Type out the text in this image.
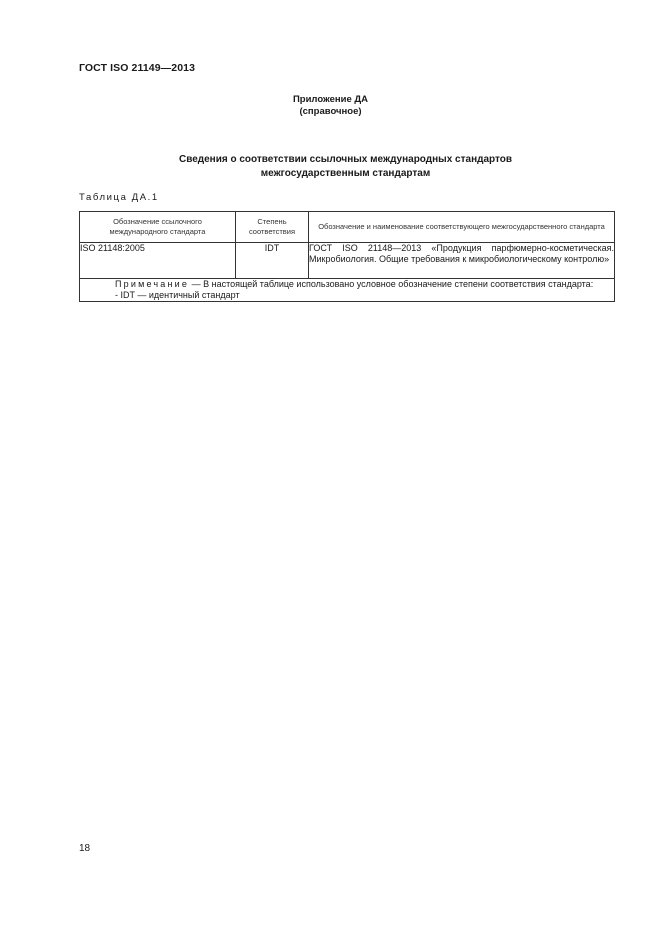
ГОСТ ISO 21149—2013
Приложение ДА
(справочное)
Сведения о соответствии ссылочных международных стандартов
межгосударственным стандартам
Таблица ДА.1
Обозначение ссылочного международного стандарта	Степень соответствия	Обозначение и наименование соответствующего межгосударственного стандарта
ISO 21148:2005	IDT	ГОСТ ISO 21148—2013 «Продукция парфюмерно-косметическая. Микробиология. Общие требования к микробиологическому контролю»

Примечание — В настоящей таблице использовано условное обозначение степени соответствия стандарта:
- IDT — идентичный стандарт		
18
